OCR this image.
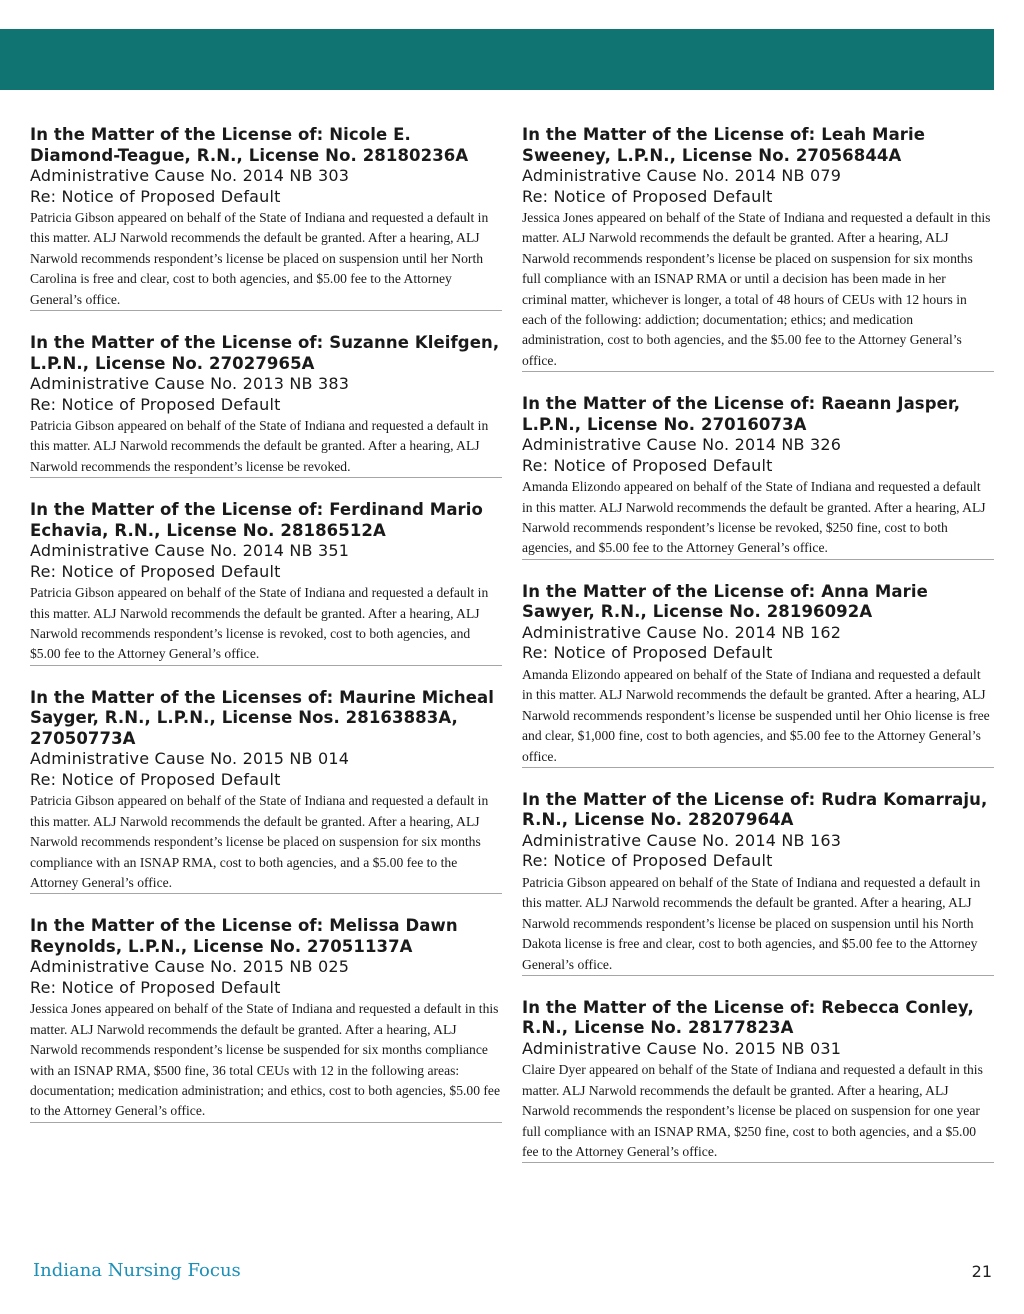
In the Matter of the License of: Nicole E. Diamond-Teague, R.N., License No. 28180236A

Administrative Cause No. 2014 NB 303

Re: Notice of Proposed Default

Patricia Gibson appeared on behalf of the State of Indiana and requested a default in this matter. ALJ Narwold recommends the default be granted. After a hearing, ALJ Narwold recommends respondent’s license be placed on suspension until her North Carolina is free and clear, cost to both agencies, and $5.00 fee to the Attorney General’s office.

In the Matter of the License of: Suzanne Kleifgen, L.P.N., License No. 27027965A

Administrative Cause No. 2013 NB 383

Re: Notice of Proposed Default

Patricia Gibson appeared on behalf of the State of Indiana and requested a default in this matter. ALJ Narwold recommends the default be granted. After a hearing, ALJ Narwold recommends the respondent’s license be revoked.

In the Matter of the License of: Ferdinand Mario Echavia, R.N., License No. 28186512A

Administrative Cause No. 2014 NB 351

Re: Notice of Proposed Default

Patricia Gibson appeared on behalf of the State of Indiana and requested a default in this matter. ALJ Narwold recommends the default be granted. After a hearing, ALJ Narwold recommends respondent’s license is revoked, cost to both agencies, and $5.00 fee to the Attorney General’s office.

In the Matter of the Licenses of: Maurine Micheal Sayger, R.N., L.P.N., License Nos. 28163883A, 27050773A

Administrative Cause No. 2015 NB 014

Re: Notice of Proposed Default

Patricia Gibson appeared on behalf of the State of Indiana and requested a default in this matter. ALJ Narwold recommends the default be granted. After a hearing, ALJ Narwold recommends respondent’s license be placed on suspension for six months compliance with an ISNAP RMA, cost to both agencies, and a $5.00 fee to the Attorney General’s office.

In the Matter of the License of: Melissa Dawn Reynolds, L.P.N., License No. 27051137A

Administrative Cause No. 2015 NB 025

Re: Notice of Proposed Default

Jessica Jones appeared on behalf of the State of Indiana and requested a default in this matter. ALJ Narwold recommends the default be granted. After a hearing, ALJ Narwold recommends respondent’s license be suspended for six months compliance with an ISNAP RMA, $500 fine, 36 total CEUs with 12 in the following areas: documentation; medication administration; and ethics, cost to both agencies, $5.00 fee to the Attorney General’s office.

In the Matter of the License of: Leah Marie Sweeney, L.P.N., License No. 27056844A

Administrative Cause No. 2014 NB 079

Re: Notice of Proposed Default

Jessica Jones appeared on behalf of the State of Indiana and requested a default in this matter. ALJ Narwold recommends the default be granted. After a hearing, ALJ Narwold recommends respondent’s license be placed on suspension for six months full compliance with an ISNAP RMA or until a decision has been made in her criminal matter, whichever is longer, a total of 48 hours of CEUs with 12 hours in each of the following: addiction; documentation; ethics; and medication administration, cost to both agencies, and the $5.00 fee to the Attorney General’s office.

In the Matter of the License of: Raeann Jasper, L.P.N., License No. 27016073A

Administrative Cause No. 2014 NB 326

Re: Notice of Proposed Default

Amanda Elizondo appeared on behalf of the State of Indiana and requested a default in this matter. ALJ Narwold recommends the default be granted. After a hearing, ALJ Narwold recommends respondent’s license be revoked, $250 fine, cost to both agencies, and $5.00 fee to the Attorney General’s office.

In the Matter of the License of: Anna Marie Sawyer, R.N., License No. 28196092A

Administrative Cause No. 2014 NB 162

Re: Notice of Proposed Default

Amanda Elizondo appeared on behalf of the State of Indiana and requested a default in this matter. ALJ Narwold recommends the default be granted. After a hearing, ALJ Narwold recommends respondent’s license be suspended until her Ohio license is free and clear, $1,000 fine, cost to both agencies, and $5.00 fee to the Attorney General’s office.

In the Matter of the License of: Rudra Komarraju, R.N., License No. 28207964A

Administrative Cause No. 2014 NB 163

Re: Notice of Proposed Default

Patricia Gibson appeared on behalf of the State of Indiana and requested a default in this matter. ALJ Narwold recommends the default be granted. After a hearing, ALJ Narwold recommends respondent’s license be placed on suspension until his North Dakota license is free and clear, cost to both agencies, and $5.00 fee to the Attorney General’s office.

In the Matter of the License of: Rebecca Conley, R.N., License No. 28177823A

Administrative Cause No. 2015 NB 031

Claire Dyer appeared on behalf of the State of Indiana and requested a default in this matter. ALJ Narwold recommends the default be granted. After a hearing, ALJ Narwold recommends the respondent’s license be placed on suspension for one year full compliance with an ISNAP RMA, $250 fine, cost to both agencies, and a $5.00 fee to the Attorney General’s office.

Indiana Nursing Focus	21
